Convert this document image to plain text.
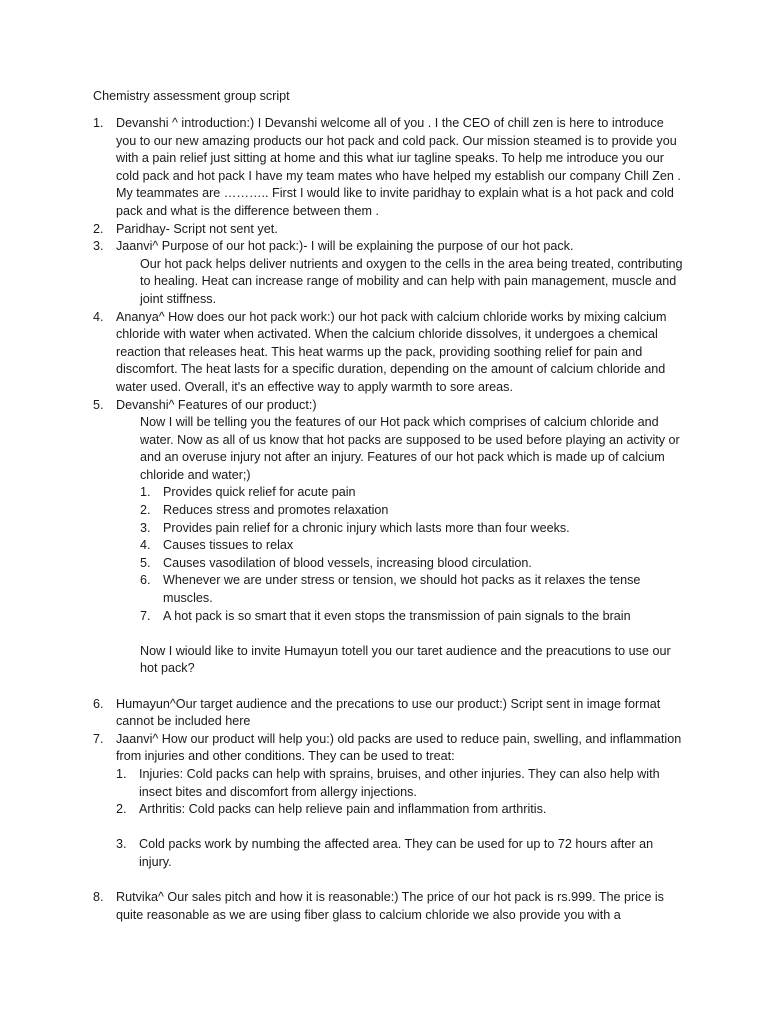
Chemistry assessment group script
1. Devanshi ^ introduction:) I Devanshi welcome all of you . I the CEO of chill zen is here to introduce you to our new amazing products our hot pack and cold pack. Our mission steamed is to provide you with a pain relief just sitting at home and this what iur tagline speaks. To help me introduce you our cold pack and hot pack I have my team mates who have helped my establish our company Chill Zen . My teammates are ……….. First I would like to invite paridhay to explain what is a hot pack and cold pack and what is the difference between them .

2. Paridhay- Script not sent yet.

3. Jaanvi^ Purpose of our hot pack:)- I will be explaining the purpose of our hot pack.

Our hot pack helps deliver nutrients and oxygen to the cells in the area being treated, contributing to healing. Heat can increase range of mobility and can help with pain management, muscle and joint stiffness.

4. Ananya^ How does our hot pack work:) our hot pack with calcium chloride works by mixing calcium chloride with water when activated. When the calcium chloride dissolves, it undergoes a chemical reaction that releases heat. This heat warms up the pack, providing soothing relief for pain and discomfort. The heat lasts for a specific duration, depending on the amount of calcium chloride and water used. Overall, it's an effective way to apply warmth to sore areas.

5. Devanshi^ Features of our product:)

Now I will be telling you the features of our Hot pack which comprises of calcium chloride and water. Now as all of us know that hot packs are supposed to be used before playing an activity or and an overuse injury not after an injury. Features of our hot pack which is made up of calcium chloride and water;)

1. Provides quick relief for acute pain

2. Reduces stress and promotes relaxation

3. Provides pain relief for a chronic injury which lasts more than four weeks.

4. Causes tissues to relax

5. Causes vasodilation of blood vessels, increasing blood circulation.

6. Whenever we are under stress or tension, we should hot packs as it relaxes the tense muscles.

7. A hot pack is so smart that it even stops the transmission of pain signals to the brain

Now I wiould like to invite Humayun totell you our taret audience and the preacutions to use our hot pack?

6. Humayun^Our target audience and the precations to use our product:) Script sent in image format cannot be included here

7. Jaanvi^ How our product will help you:) old packs are used to reduce pain, swelling, and inflammation from injuries and other conditions. They can be used to treat:

1. Injuries: Cold packs can help with sprains, bruises, and other injuries. They can also help with insect bites and discomfort from allergy injections.

2. Arthritis: Cold packs can help relieve pain and inflammation from arthritis.

3. Cold packs work by numbing the affected area. They can be used for up to 72 hours after an injury.

8. Rutvika^ Our sales pitch and how it is reasonable:) The price of our hot pack is rs.999. The price is quite reasonable as we are using fiber glass to calcium chloride we also provide you with a
